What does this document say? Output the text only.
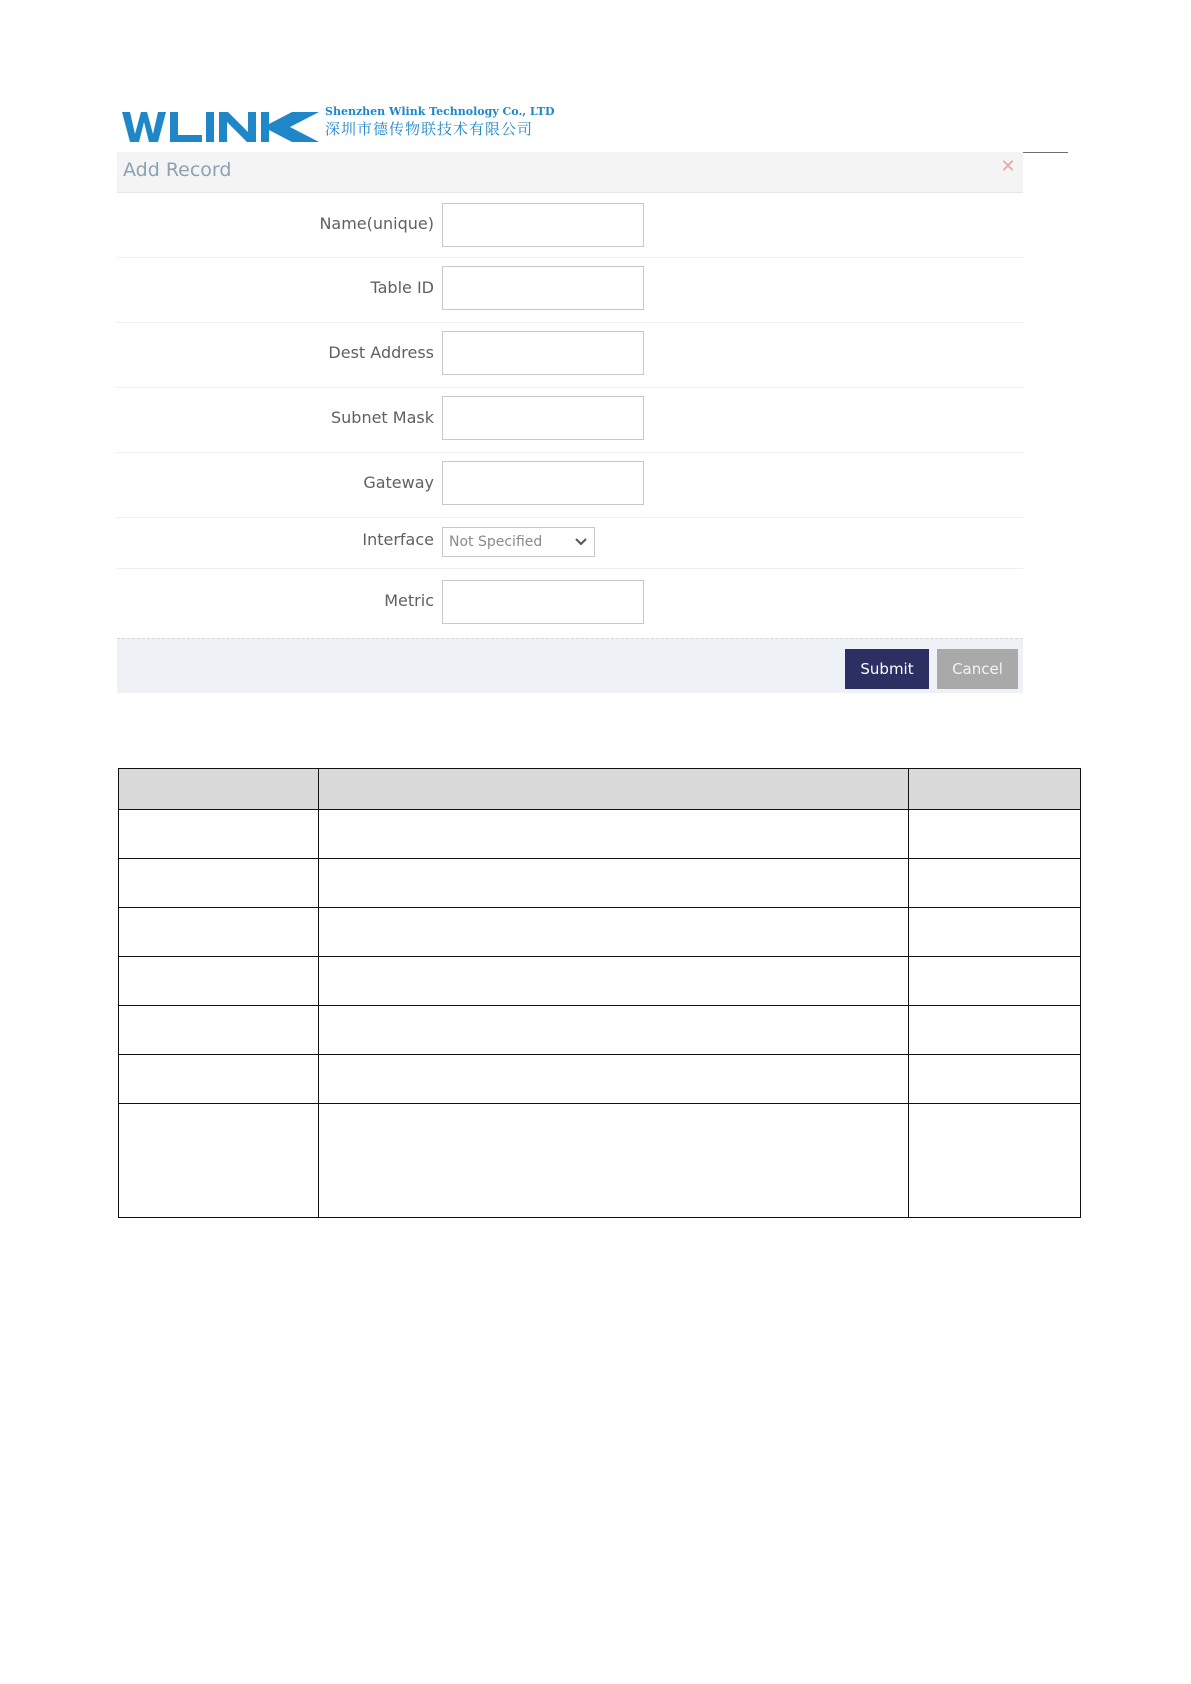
Shenzhen Wlink Technology Co., LTD
深圳市德传物联技术有限公司
Add Record	✕
Name(unique)
Table ID
Dest Address
Subnet Mask
Gateway
Interface Not Specified
Metric
Submit	Cancel
